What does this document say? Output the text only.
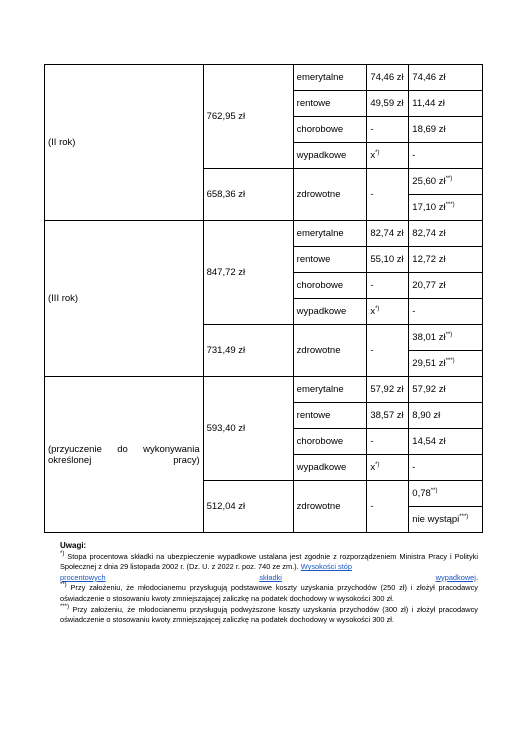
(II rok)	762,95 zł	emerytalne	74,46 zł	74,46 zł
		rentowe	49,59 zł	11,44 zł
		chorobowe	-	18,69 zł
		wypadkowe	x*)	-
	658,36 zł	zdrowotne	-	25,60 zł**)
				17,10 zł***)
(III rok)	847,72 zł	emerytalne	82,74 zł	82,74 zł
		rentowe	55,10 zł	12,72 zł
		chorobowe	-	20,77 zł
		wypadkowe	x*)	-
	731,49 zł	zdrowotne	-	38,01 zł**)
				29,51 zł***)
(przyuczenie do wykonywania określonej pracy)	593,40 zł	emerytalne	57,92 zł	57,92 zł
		rentowe	38,57 zł	8,90 zł
		chorobowe	-	14,54 zł
		wypadkowe	x*)	-
	512,04 zł	zdrowotne	-	0,78**)
				nie wystąpi***)
Uwagi:

*) Stopa procentowa składki na ubezpieczenie wypadkowe ustalana jest zgodnie z rozporządzeniem Ministra Pracy i Polityki Społecznej z dnia 29 listopada 2002 r. (Dz. U. z 2022 r. poz. 740 ze zm.). Wysokości stóp

procentowych	składki	wypadkowej.

**) Przy założeniu, że młodocianemu przysługują podstawowe koszty uzyskania przychodów (250 zł) i złożył pracodawcy oświadczenie o stosowaniu kwoty zmniejszającej zaliczkę na podatek dochodowy w wysokości 300 zł.

***) Przy założeniu, że młodocianemu przysługują podwyższone koszty uzyskania przychodów (300 zł) i złożył pracodawcy oświadczenie o stosowaniu kwoty zmniejszającej zaliczkę na podatek dochodowy w wysokości 300 zł.
